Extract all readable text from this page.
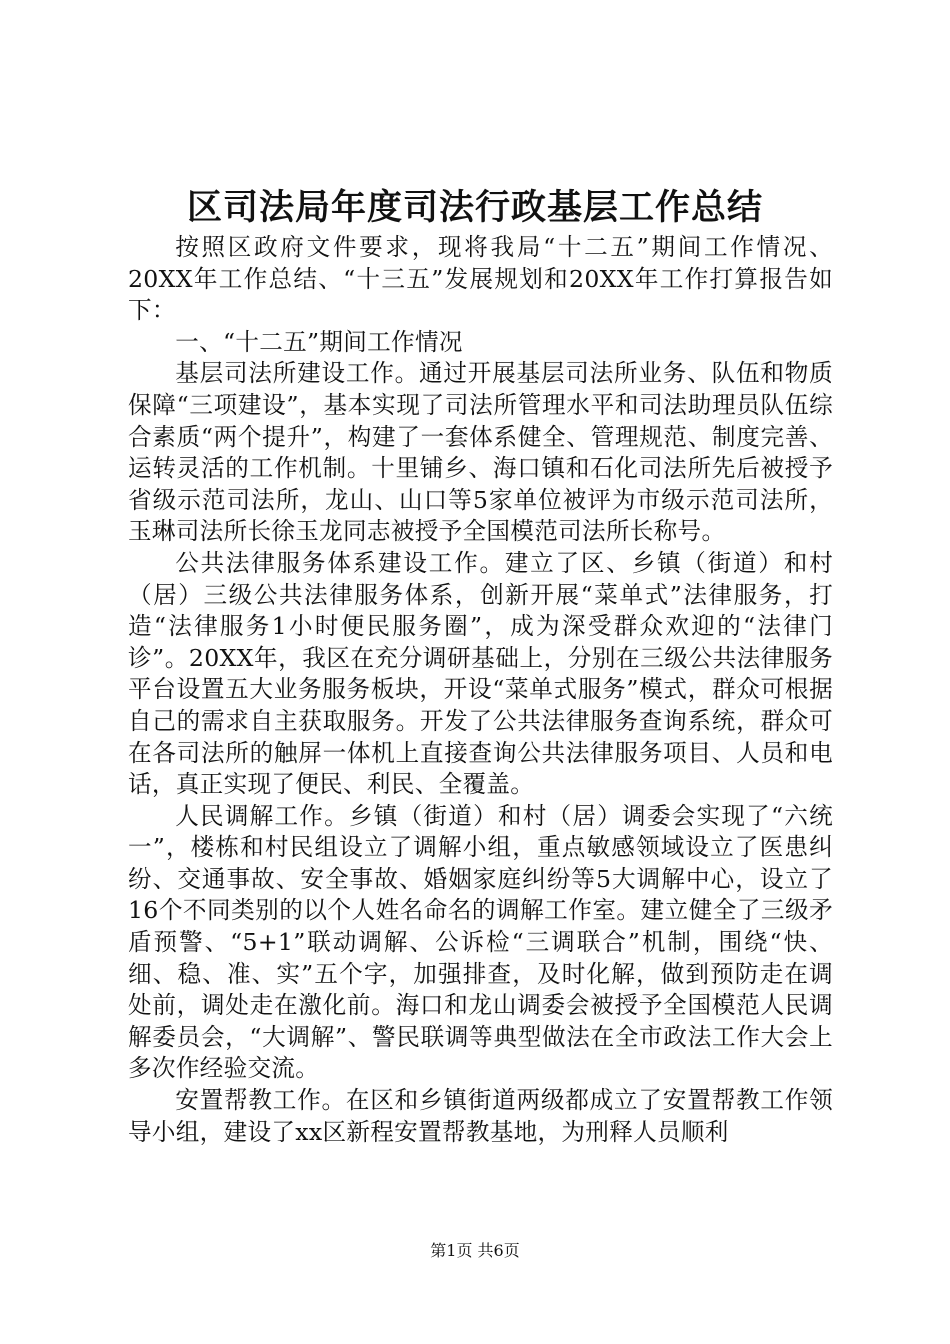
区司法局年度司法行政基层工作总结

按照区政府文件要求，现将我局“十二五”期间工作情况、20XX年工作总结、“十三五”发展规划和20XX年工作打算报告如下：

一、“十二五”期间工作情况

基层司法所建设工作。通过开展基层司法所业务、队伍和物质保障“三项建设”，基本实现了司法所管理水平和司法助理员队伍综合素质“两个提升”，构建了一套体系健全、管理规范、制度完善、运转灵活的工作机制。十里铺乡、海口镇和石化司法所先后被授予省级示范司法所，龙山、山口等5家单位被评为市级示范司法所，玉琳司法所长徐玉龙同志被授予全国模范司法所长称号。

公共法律服务体系建设工作。建立了区、乡镇（街道）和村（居）三级公共法律服务体系，创新开展“菜单式”法律服务，打造“法律服务1小时便民服务圈”，成为深受群众欢迎的“法律门诊”。20XX年，我区在充分调研基础上，分别在三级公共法律服务平台设置五大业务服务板块，开设“菜单式服务”模式，群众可根据自己的需求自主获取服务。开发了公共法律服务查询系统，群众可在各司法所的触屏一体机上直接查询公共法律服务项目、人员和电话，真正实现了便民、利民、全覆盖。

人民调解工作。乡镇（街道）和村（居）调委会实现了“六统一”，楼栋和村民组设立了调解小组，重点敏感领域设立了医患纠纷、交通事故、安全事故、婚姻家庭纠纷等5大调解中心，设立了16个不同类别的以个人姓名命名的调解工作室。建立健全了三级矛盾预警、“5+1”联动调解、公诉检“三调联合”机制，围绕“快、细、稳、准、实”五个字，加强排查，及时化解，做到预防走在调处前，调处走在激化前。海口和龙山调委会被授予全国模范人民调解委员会，“大调解”、警民联调等典型做法在全市政法工作大会上多次作经验交流。

安置帮教工作。在区和乡镇街道两级都成立了安置帮教工作领导小组，建设了xx区新程安置帮教基地，为刑释人员顺利

第1页 共6页
